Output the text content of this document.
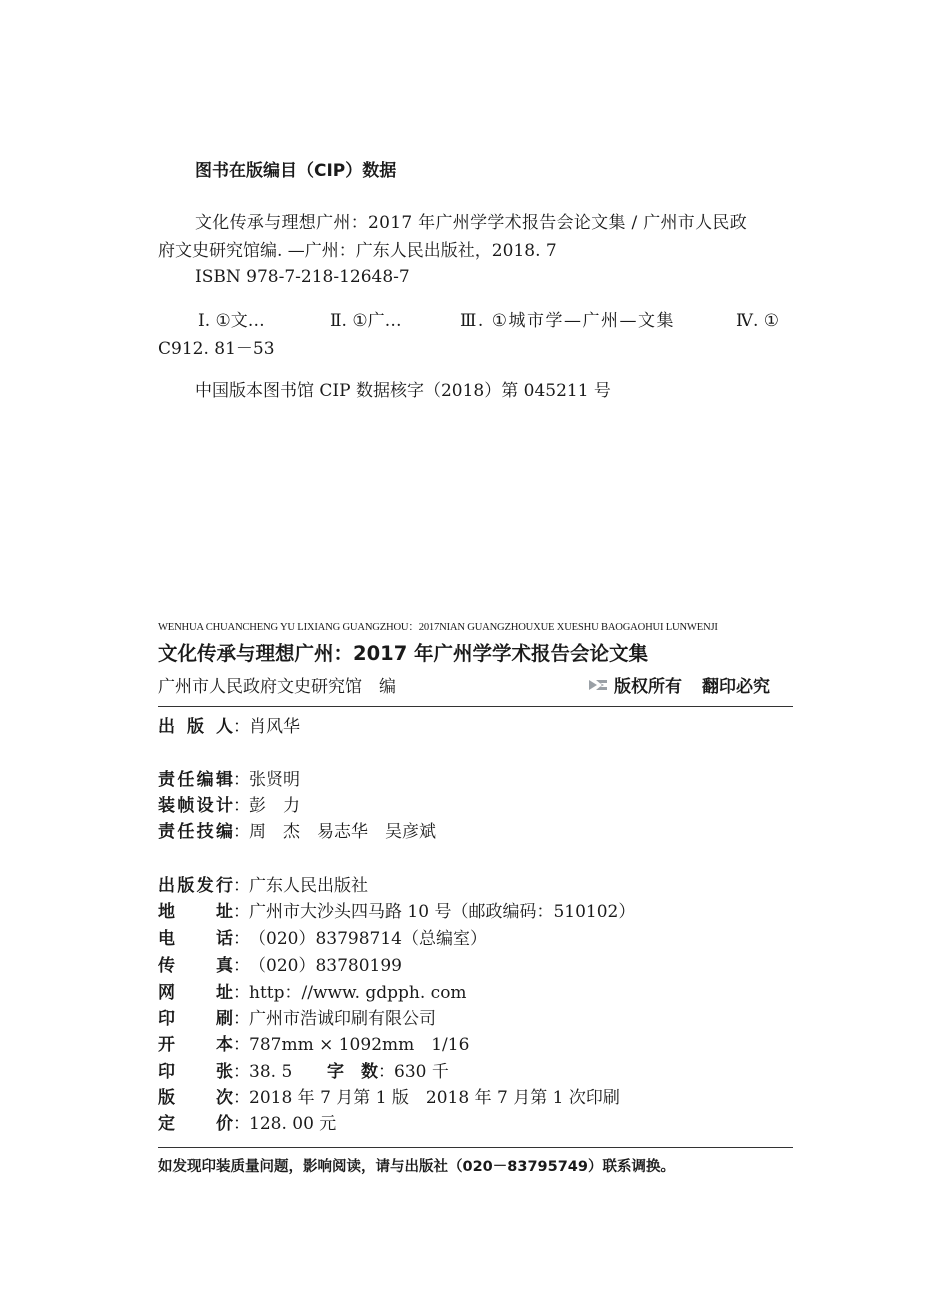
图书在版编目（CIP）数据
文化传承与理想广州：2017 年广州学学术报告会论文集 / 广州市人民政
府文史研究馆编. —广州：广东人民出版社，2018. 7
ISBN 978-7-218-12648-7
Ⅰ. ①文…	Ⅱ. ①广…	Ⅲ. ①城市学—广州—文集	Ⅳ. ①
C912. 81－53
中国版本图书馆 CIP 数据核字（2018）第 045211 号
WENHUA CHUANCHENG YU LIXIANG GUANGZHOU：2017NIAN GUANGZHOUXUE XUESHU BAOGAOHUI LUNWENJI
文化传承与理想广州：2017 年广州学学术报告会论文集
广州市人民政府文史研究馆　编	版权所有 翻印必究
出 版 人：肖风华
责任编辑：张贤明
装帧设计：彭　力
责任技编：周　杰　易志华　吴彦斌
出版发行：广东人民出版社
地址：广州市大沙头四马路 10 号（邮政编码：510102）
电话：（020）83798714（总编室）
传真：（020）83780199
网址：http：//www. gdpph. com
印刷：广州市浩诚印刷有限公司
开本：787mm × 1092mm　1/16
印张：38. 5 字　数：630 千
版次：2018 年 7 月第 1 版　2018 年 7 月第 1 次印刷
定价：128. 00 元
如发现印装质量问题，影响阅读，请与出版社（020－83795749）联系调换。
